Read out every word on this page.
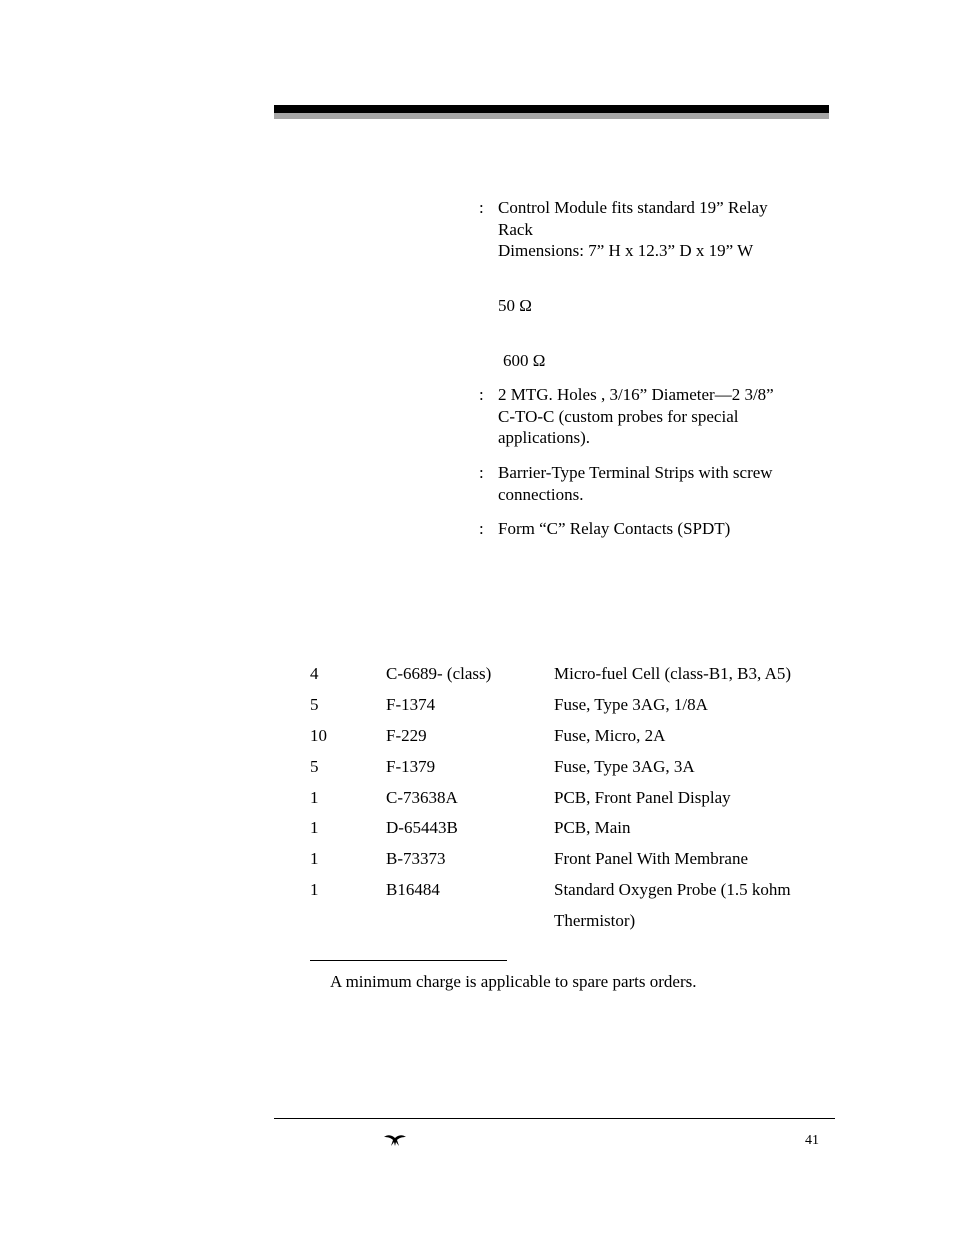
: Control Module fits standard 19” Relay
Rack
Dimensions: 7” H x 12.3” D x 19” W
50 Ω
600 Ω
: 2 MTG. Holes , 3/16” Diameter—2 3/8”
C-TO-C (custom probes for special
applications).
: Barrier-Type Terminal Strips with screw
connections.
: Form “C” Relay Contacts (SPDT)
4	C-6689- (class)	Micro-fuel Cell (class-B1, B3, A5)
5	F-1374	Fuse, Type 3AG, 1/8A
10	F-229	Fuse, Micro, 2A
5	F-1379	Fuse, Type 3AG, 3A
1	C-73638A	PCB, Front Panel Display
1	D-65443B	PCB, Main
1	B-73373	Front Panel With Membrane
1	B16484	Standard Oxygen Probe (1.5 kohm
Thermistor)
A minimum charge is applicable to spare parts orders.
41
